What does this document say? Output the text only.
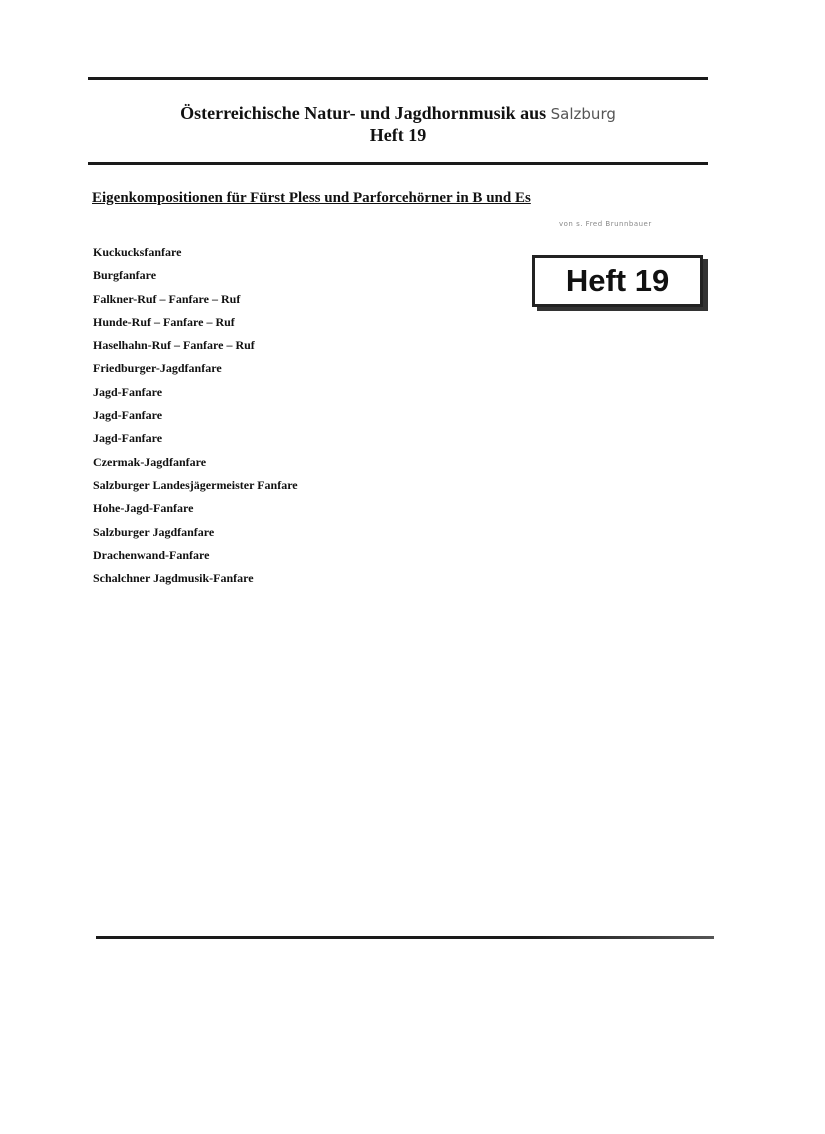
Österreichische Natur- und Jagdhornmusik aus Salzburg
Heft 19
Eigenkompositionen für Fürst Pless und Parforcehörner in B und Es
von s. Fred Brunnbauer
Heft 19
Kuckucksfanfare
Burgfanfare
Falkner-Ruf – Fanfare – Ruf
Hunde-Ruf – Fanfare – Ruf
Haselhahn-Ruf – Fanfare – Ruf
Friedburger-Jagdfanfare
Jagd-Fanfare
Jagd-Fanfare
Jagd-Fanfare
Czermak-Jagdfanfare
Salzburger Landesjägermeister Fanfare
Hohe-Jagd-Fanfare
Salzburger Jagdfanfare
Drachenwand-Fanfare
Schalchner Jagdmusik-Fanfare
